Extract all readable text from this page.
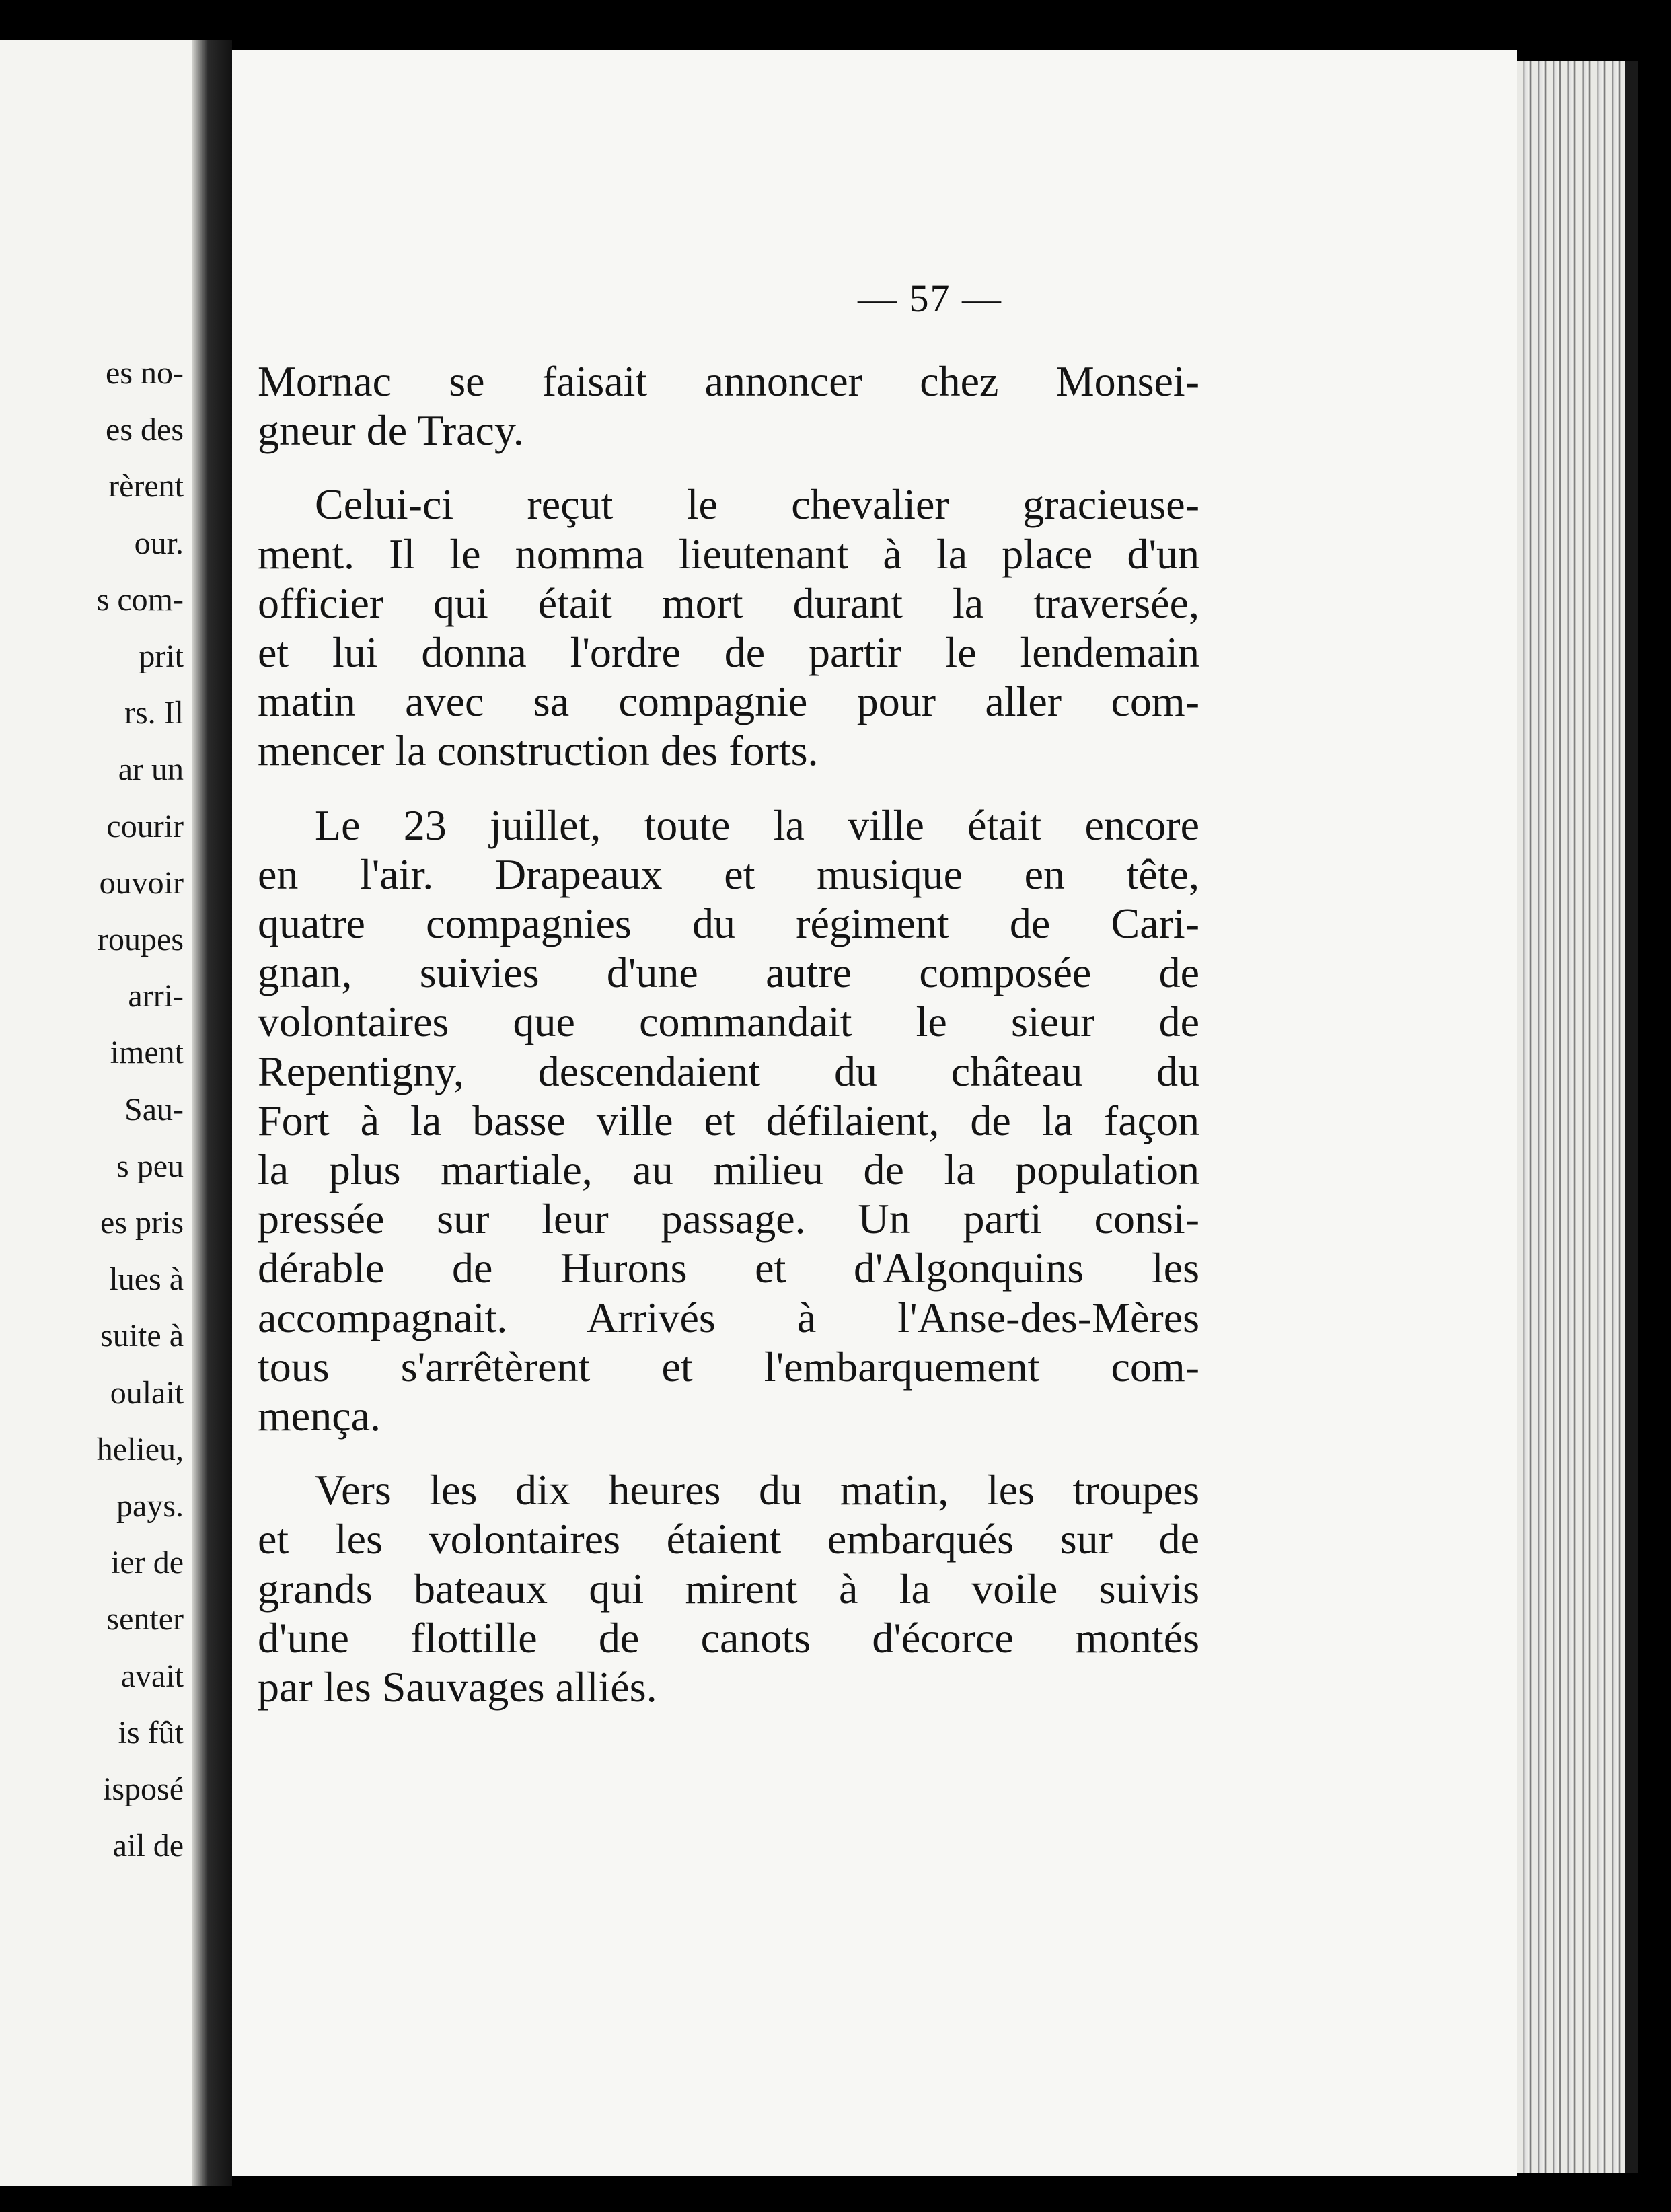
es no-
es des
rèrent
our.
s com-
prit
rs. Il
ar un
courir
ouvoir
roupes
arri-
iment
Sau-
s peu
es pris
lues à
suite à
oulait
helieu,
pays.
ier de
senter
avait
is fût
isposé
ail de
— 57 —
Mornac se faisait annoncer chez Monsei-
gneur de Tracy.
Celui-ci reçut le chevalier gracieuse-
ment. Il le nomma lieutenant à la place d'un
officier qui était mort durant la traversée,
et lui donna l'ordre de partir le lendemain
matin avec sa compagnie pour aller com-
mencer la construction des forts.
Le 23 juillet, toute la ville était encore
en l'air. Drapeaux et musique en tête,
quatre compagnies du régiment de Cari-
gnan, suivies d'une autre composée de
volontaires que commandait le sieur de
Repentigny, descendaient du château du
Fort à la basse ville et défilaient, de la façon
la plus martiale, au milieu de la population
pressée sur leur passage. Un parti consi-
dérable de Hurons et d'Algonquins les
accompagnait. Arrivés à l'Anse-des-Mères
tous s'arrêtèrent et l'embarquement com-
mença.
Vers les dix heures du matin, les troupes
et les volontaires étaient embarqués sur de
grands bateaux qui mirent à la voile suivis
d'une flottille de canots d'écorce montés
par les Sauvages alliés.
